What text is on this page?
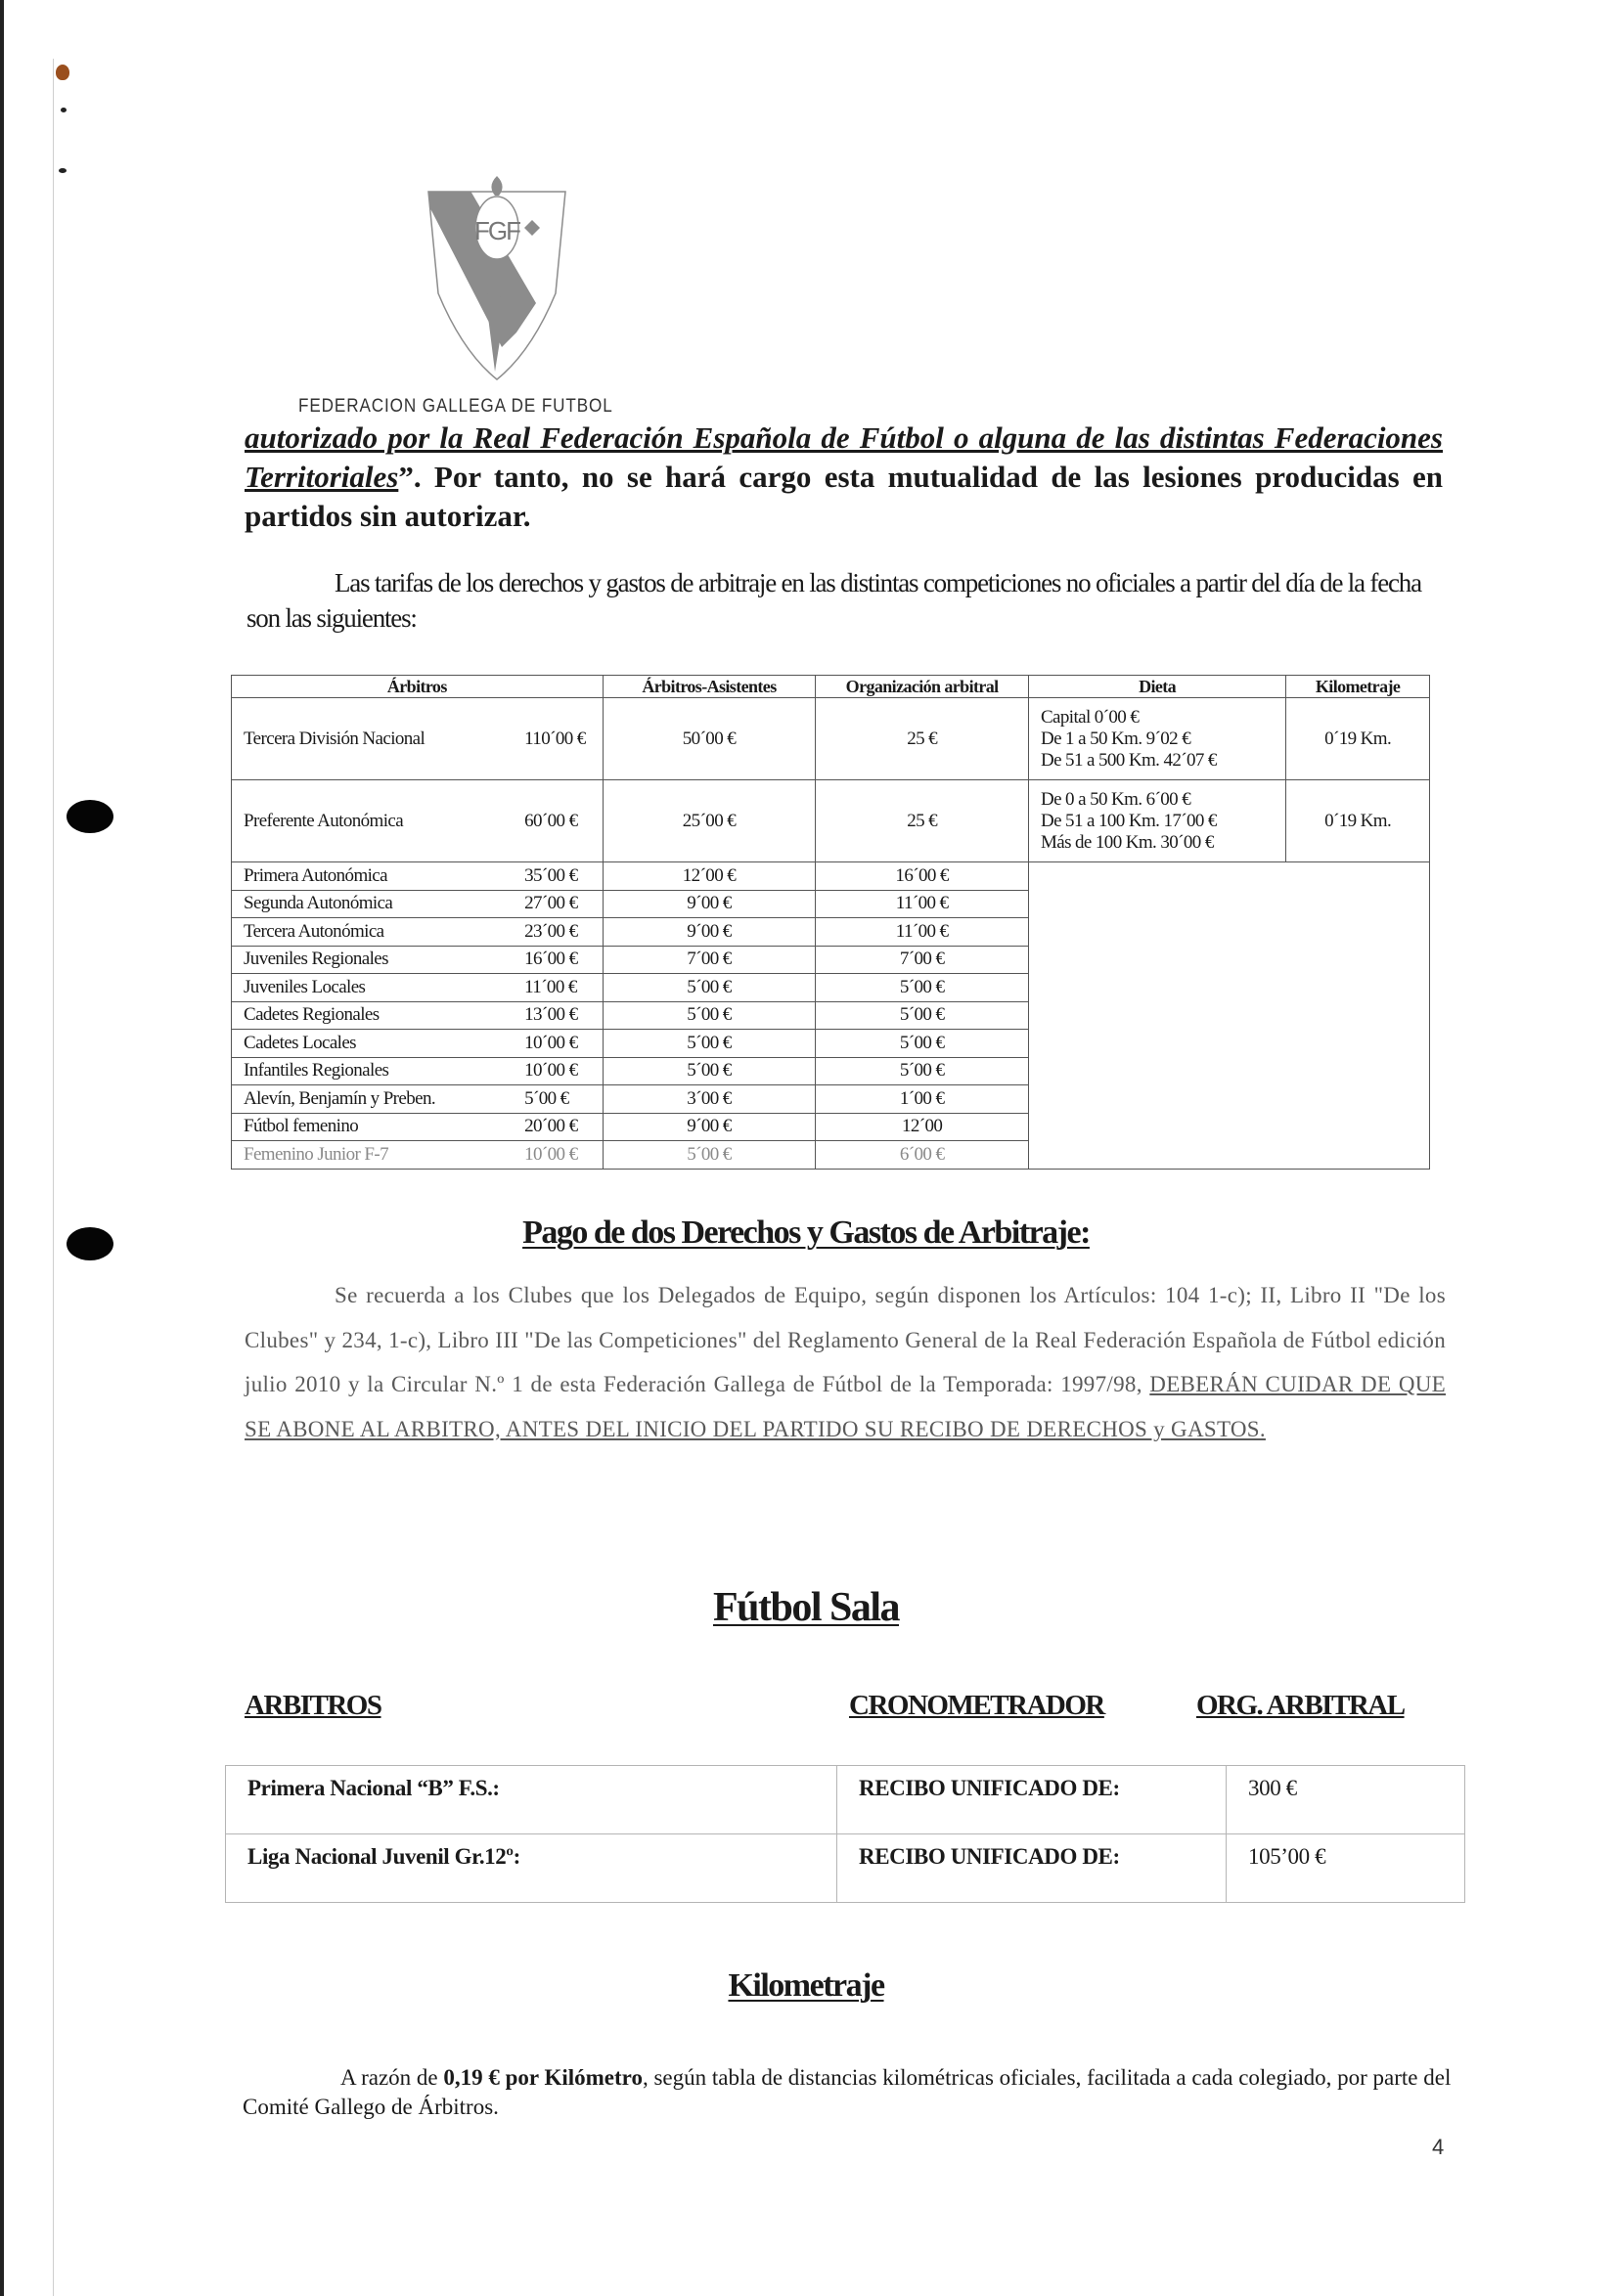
FGF
FEDERACION GALLEGA DE FUTBOL
autorizado por la Real Federación Española de Fútbol o alguna de las distintas Federaciones Territoriales”. Por tanto, no se hará cargo esta mutualidad de las lesiones producidas en partidos sin autorizar.
Las tarifas de los derechos y gastos de arbitraje en las distintas competiciones no oficiales a partir del día de la fecha son las siguientes:
Árbitros		Árbitros-Asistentes	Organización arbitral	Dieta	Kilometraje
Tercera División Nacional	110´00 €	50´00 €	25 €	Capital 0´00 €
De 1 a 50 Km. 9´02 €
De 51 a 500 Km. 42´07 €	0´19 Km.
Preferente Autonómica	60´00 €	25´00 €	25 €	De 0 a 50 Km. 6´00 €
De 51 a 100 Km. 17´00 €
Más de 100 Km. 30´00 €	0´19 Km.
Primera Autonómica	35´00 €	12´00 €	16´00 €		
Segunda Autonómica	27´00 €	9´00 €	11´00 €		
Tercera Autonómica	23´00 €	9´00 €	11´00 €		
Juveniles Regionales	16´00 €	7´00 €	7´00 €		
Juveniles Locales	11´00 €	5´00 €	5´00 €		
Cadetes Regionales	13´00 €	5´00 €	5´00 €		
Cadetes Locales	10´00 €	5´00 €	5´00 €		
Infantiles Regionales	10´00 €	5´00 €	5´00 €		
Alevín, Benjamín y Preben.	5´00 €	3´00 €	1´00 €		
Fútbol femenino	20´00 €	9´00 €	12´00		
Femenino Junior F-7	10´00 €	5´00 €	6´00 €		
Pago de dos Derechos y Gastos de Arbitraje:
Se recuerda a los Clubes que los Delegados de Equipo, según disponen los Artículos: 104 1-c); II, Libro II "De los Clubes" y 234, 1-c), Libro III "De las Competiciones" del Reglamento General de la Real Federación Española de Fútbol edición julio 2010 y la Circular N.º 1 de esta Federación Gallega de Fútbol de la Temporada: 1997/98, DEBERÁN CUIDAR DE QUE SE ABONE AL ARBITRO, ANTES DEL INICIO DEL PARTIDO SU RECIBO DE DERECHOS y GASTOS.
Fútbol Sala
ARBITROS	CRONOMETRADOR	ORG. ARBITRAL
Primera Nacional “B” F.S.:	RECIBO UNIFICADO DE:	300 €
Liga Nacional Juvenil Gr.12º:	RECIBO UNIFICADO DE:	105’00 €
Kilometraje
A razón de 0,19 € por Kilómetro, según tabla de distancias kilométricas oficiales, facilitada a cada colegiado, por parte del Comité Gallego de Árbitros.
4
